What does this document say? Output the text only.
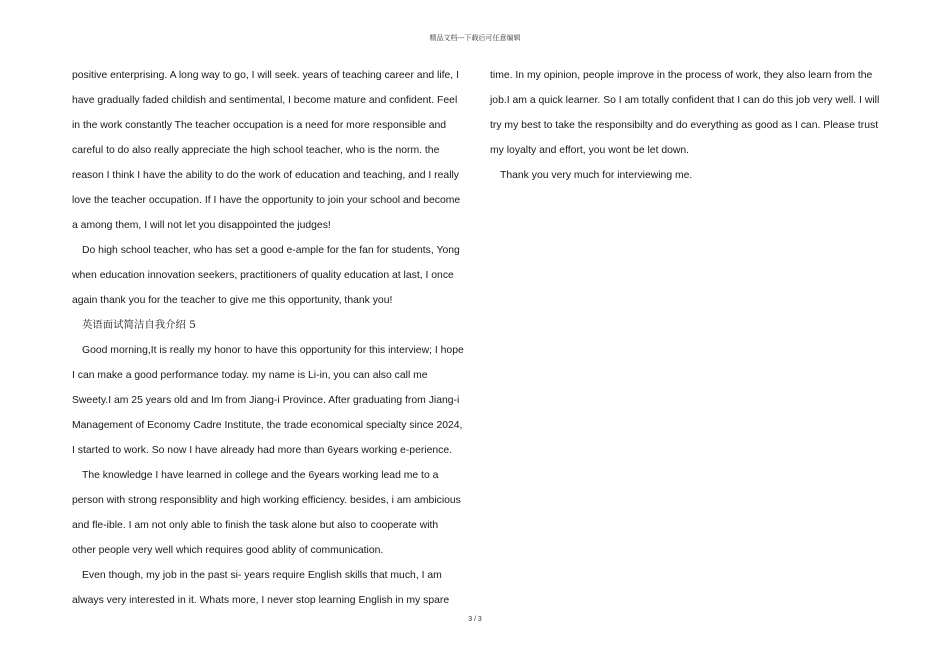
精品文档---下载后可任意编辑

positive enterprising. A long way to go, I will seek. years of teaching career and life, I have gradually faded childish and sentimental, I become mature and confident. Feel in the work constantly The teacher occupation is a need for more responsible and careful to do also really appreciate the high school teacher, who is the norm. the reason I think I have the ability to do the work of education and teaching, and I really love the teacher occupation. If I have the opportunity to join your school and become a among them, I will not let you disappointed the judges!

Do high school teacher, who has set a good e-ample for the fan for students, Yong when education innovation seekers, practitioners of quality education at last, I once again thank you for the teacher to give me this opportunity, thank you!

英语面试简洁自我介绍 5

Good morning,It is really my honor to have this opportunity for this interview; I hope I can make a good performance today. my name is Li-in, you can also call me Sweety.I am 25 years old and Im from Jiang-i Province. After graduating from Jiang-i Management of Economy Cadre Institute, the trade economical specialty since 2024, I started to work. So now I have already had more than 6years working e-perience.

The knowledge I have learned in college and the 6years working lead me to a person with strong responsiblity and high working efficiency. besides, i am ambicious and fle-ible. I am not only able to finish the task alone but also to cooperate with other people very well which requires good ablity of communication.

Even though, my job in the past si- years require English skills that much, I am always very interested in it. Whats more, I never stop learning English in my spare

time. In my opinion, people improve in the process of work, they also learn from the job.I am a quick learner. So I am totally confident that I can do this job very well. I will try my best to take the responsibilty and do everything as good as I can. Please trust my loyalty and effort, you wont be let down.

Thank you very much for interviewing me.

3 / 3
